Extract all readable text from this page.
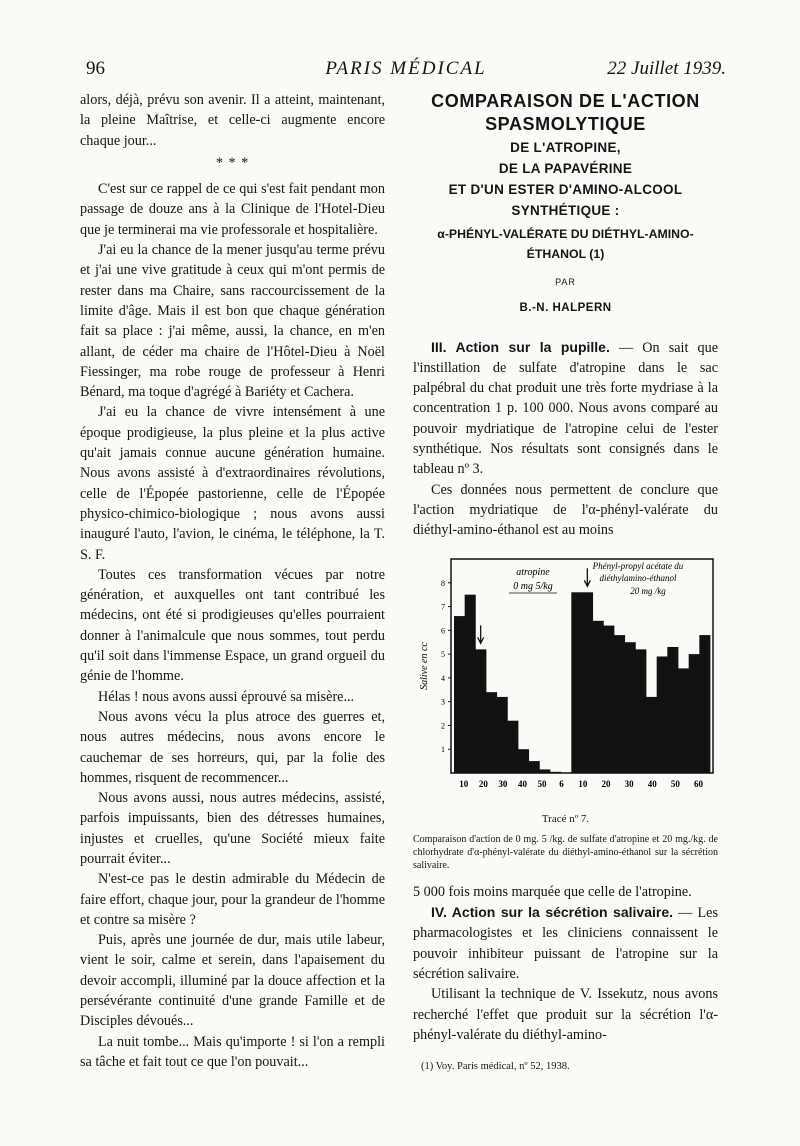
96	PARIS MÉDICAL	22 Juillet 1939.

alors, déjà, prévu son avenir. Il a atteint, maintenant, la pleine Maîtrise, et celle-ci augmente encore chaque jour...

* * *

C'est sur ce rappel de ce qui s'est fait pendant mon passage de douze ans à la Clinique de l'Hotel-Dieu que je terminerai ma vie professorale et hospitalière.

J'ai eu la chance de la mener jusqu'au terme prévu et j'ai une vive gratitude à ceux qui m'ont permis de rester dans ma Chaire, sans raccourcissement de la limite d'âge. Mais il est bon que chaque génération fait sa place : j'ai même, aussi, la chance, en m'en allant, de céder ma chaire de l'Hôtel-Dieu à Noël Fiessinger, ma robe rouge de professeur à Henri Bénard, ma toque d'agrégé à Bariéty et Cachera.

J'ai eu la chance de vivre intensément à une époque prodigieuse, la plus pleine et la plus active qu'ait jamais connue aucune génération humaine. Nous avons assisté à d'extraordinaires révolutions, celle de l'Épopée pastorienne, celle de l'Épopée physico-chimico-biologique ; nous avons aussi inauguré l'auto, l'avion, le cinéma, le téléphone, la T. S. F.

Toutes ces transformation vécues par notre génération, et auxquelles ont tant contribué les médecins, ont été si prodigieuses qu'elles pourraient donner à l'animalcule que nous sommes, tout perdu qu'il soit dans l'immense Espace, un grand orgueil du génie de l'homme.

Hélas ! nous avons aussi éprouvé sa misère...

Nous avons vécu la plus atroce des guerres et, nous autres médecins, nous avons encore le cauchemar de ses horreurs, qui, par la folie des hommes, risquent de recommencer...

Nous avons aussi, nous autres médecins, assisté, parfois impuissants, bien des détresses humaines, injustes et cruelles, qu'une Société mieux faite pourrait éviter...

N'est-ce pas le destin admirable du Médecin de faire effort, chaque jour, pour la grandeur de l'homme et contre sa misère ?

Puis, après une journée de dur, mais utile labeur, vient le soir, calme et serein, dans l'apaisement du devoir accompli, illuminé par la douce affection et la persévérante continuité d'une grande Famille et de Disciples dévoués...

La nuit tombe... Mais qu'importe ! si l'on a rempli sa tâche et fait tout ce que l'on pouvait...

COMPARAISON DE L'ACTION
SPASMOLYTIQUE
DE L'ATROPINE,
DE LA PAPAVÉRINE
ET D'UN ESTER D'AMINO-ALCOOL
SYNTHÉTIQUE :
α-PHÉNYL-VALÉRATE DU DIÉTHYL-AMINO-ÉTHANOL (1)
PAR
B.-N. HALPERN

III. Action sur la pupille. — On sait que l'instillation de sulfate d'atropine dans le sac palpébral du chat produit une très forte mydriase à la concentration 1 p. 100 000. Nous avons comparé au pouvoir mydriatique de l'atropine celui de l'ester synthétique. Nos résultats sont consignés dans le tableau nº 3.

Ces données nous permettent de conclure que l'action mydriatique de l'α-phényl-valérate du diéthyl-amino-éthanol est au moins

Salive en cc
1
2
3
4
5
6
7
8
10 20 30 40 50 6 10 20 30 40 50 60
atropine
0 mg 5/kg
Phényl-propyl acétate du
diéthylamino-éthanol
20 mg /kg
Tracé nº 7.
Comparaison d'action de 0 mg. 5 /kg. de sulfate d'atropine et 20 mg./kg. de chlorhydrate d'α-phényl-valérate du diéthyl-amino-éthanol sur la sécrétion salivaire.

5 000 fois moins marquée que celle de l'atropine.

IV. Action sur la sécrétion salivaire. — Les pharmacologistes et les cliniciens connaissent le pouvoir inhibiteur puissant de l'atropine sur la sécrétion salivaire.

Utilisant la technique de V. Issekutz, nous avons recherché l'effet que produit sur la sécrétion l'α-phényl-valérate du diéthyl-amino-

(1) Voy. Paris médical, nº 52, 1938.
